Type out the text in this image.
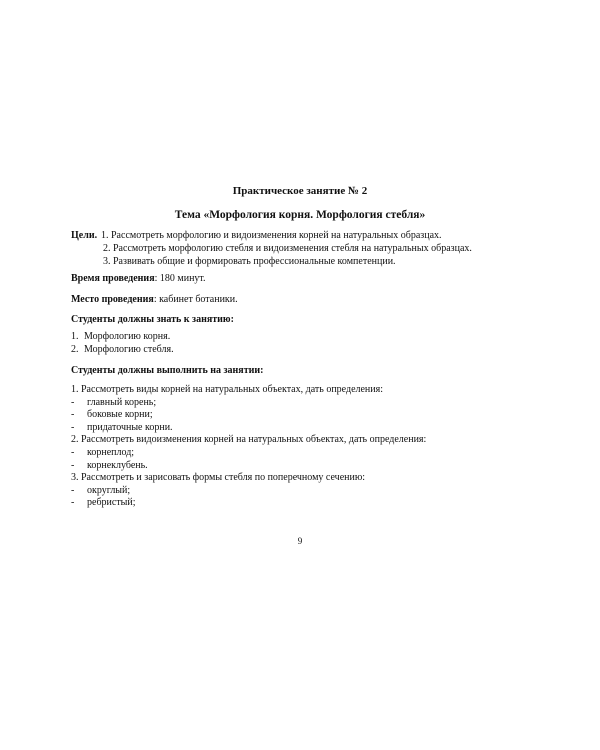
Практическое занятие № 2
Тема «Морфология корня. Морфология стебля»
Цели. 1. Рассмотреть морфологию и видоизменения корней на натуральных образцах.
2. Рассмотреть морфологию стебля и видоизменения стебля на натуральных образцах.
3. Развивать общие и формировать профессиональные компетенции.
Время проведения: 180 минут.
Место проведения: кабинет ботаники.
Студенты должны знать к занятию:
1. Морфологию корня.
2. Морфологию стебля.
Студенты должны выполнить на занятии:
1. Рассмотреть виды корней на натуральных объектах, дать определения:
- главный корень;
- боковые корни;
- придаточные корни.
2. Рассмотреть видоизменения корней на натуральных объектах, дать определения:
- корнеплод;
- корнеклубень.
3. Рассмотреть и зарисовать формы стебля по поперечному сечению:
- округлый;
- ребристый;
9
